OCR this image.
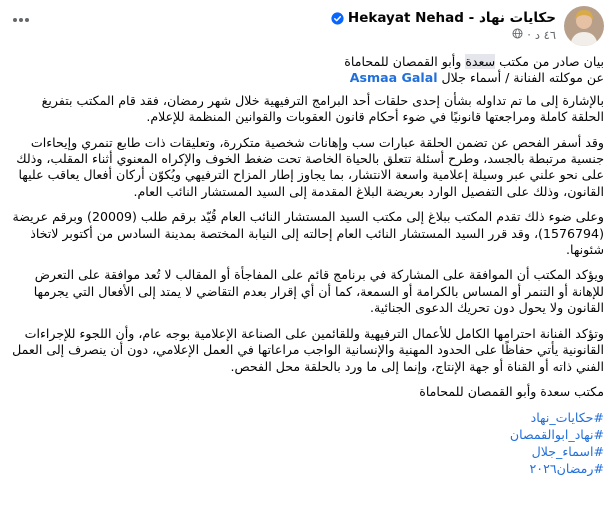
Hekayat Nehad - حكايات نهاد
٤٦ د
·
بيان صادر من مكتب سعدة وأبو القمصان للمحاماة
عن موكلته الفنانة / أسماء جلال Asmaa Galal
بالإشارة إلى ما تم تداوله بشأن إحدى حلقات أحد البرامج الترفيهية خلال شهر رمضان، فقد قام المكتب بتفريغ الحلقة كاملة ومراجعتها قانونيًا في ضوء أحكام قانون العقوبات والقوانين المنظمة للإعلام.
وقد أسفر الفحص عن تضمن الحلقة عبارات سب وإهانات شخصية متكررة، وتعليقات ذات طابع تنمري وإيحاءات جنسية مرتبطة بالجسد، وطرح أسئلة تتعلق بالحياة الخاصة تحت ضغط الخوف والإكراه المعنوي أثناء المقلب، وذلك على نحو علني عبر وسيلة إعلامية واسعة الانتشار، بما يجاوز إطار المزاح الترفيهي ويُكوّن أركان أفعال يعاقب عليها القانون، وذلك على التفصيل الوارد بعريضة البلاغ المقدمة إلى السيد المستشار النائب العام.
وعلى ضوء ذلك تقدم المكتب ببلاغ إلى مكتب السيد المستشار النائب العام قُيّد برقم طلب (20009) وبرقم عريضة (1576794)، وقد قرر السيد المستشار النائب العام إحالته إلى النيابة المختصة بمدينة السادس من أكتوبر لاتخاذ شئونها.
ويؤكد المكتب أن الموافقة على المشاركة في برنامج قائم على المفاجأة أو المقالب لا تُعد موافقة على التعرض للإهانة أو التنمر أو المساس بالكرامة أو السمعة، كما أن أي إقرار بعدم التقاضي لا يمتد إلى الأفعال التي يجرمها القانون ولا يحول دون تحريك الدعوى الجنائية.
وتؤكد الفنانة احترامها الكامل للأعمال الترفيهية وللقائمين على الصناعة الإعلامية بوجه عام، وأن اللجوء للإجراءات القانونية يأتي حفاظًا على الحدود المهنية والإنسانية الواجب مراعاتها في العمل الإعلامي، دون أن ينصرف إلى العمل الفني ذاته أو القناة أو جهة الإنتاج، وإنما إلى ما ورد بالحلقة محل الفحص.
مكتب سعدة وأبو القمصان للمحاماة
#حكايات_نهاد
#نهاد_ابوالقمصان
#اسماء_جلال
#رمضان٢٠٢٦
